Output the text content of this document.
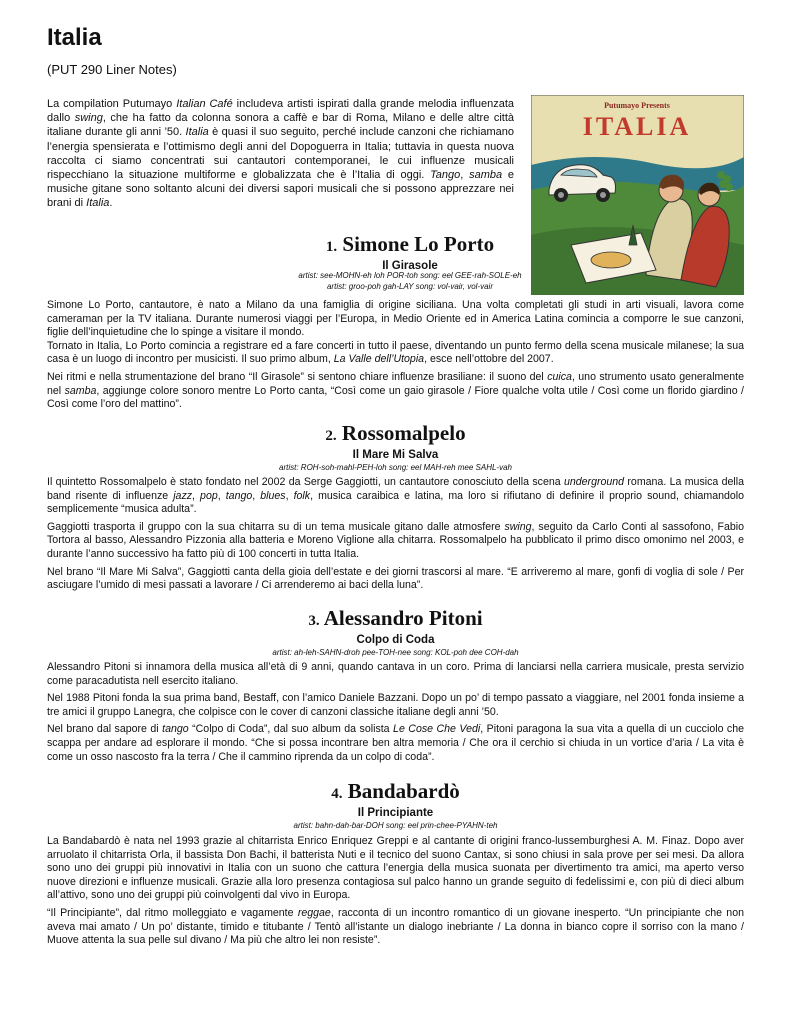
Italia
(PUT 290 Liner Notes)
La compilation Putumayo Italian Café includeva artisti ispirati dalla grande melodia influenzata dallo swing, che ha fatto da colonna sonora a caffè e bar di Roma, Milano e delle altre città italiane durante gli anni ’50. Italia è quasi il suo seguito, perché include canzoni che richiamano l’energia spensierata e l’ottimismo degli anni del Dopoguerra in Italia; tuttavia in questa nuova raccolta ci siamo concentrati sui cantautori contemporanei, le cui influenze musicali rispecchiano la situazione multiforme e globalizzata che è l’Italia di oggi. Tango, samba e musiche gitane sono soltanto alcuni dei diversi sapori musicali che si possono apprezzare nei brani di Italia.
Putumayo Presents
ITALIA
1. Simone Lo Porto
Il Girasole
artist: see-MOHN-eh loh POR-toh song: eel GEE-rah-SOLE-eh
artist: groo-poh gah-LAY song: vol-vair, vol-vair

Simone Lo Porto, cantautore, è nato a Milano da una famiglia di origine siciliana. Una volta completati gli studi in arti visuali, lavora come cameraman per la TV italiana. Durante numerosi viaggi per l’Europa, in Medio Oriente ed in America Latina comincia a comporre le sue canzoni, figlie dell’inquietudine che lo spinge a visitare il mondo.

Tornato in Italia, Lo Porto comincia a registrare ed a fare concerti in tutto il paese, diventando un punto fermo della scena musicale milanese; la sua casa è un luogo di incontro per musicisti. Il suo primo album, La Valle dell’Utopia, esce nell’ottobre del 2007.

Nei ritmi e nella strumentazione del brano “Il Girasole” si sentono chiare influenze brasiliane: il suono del cuica, uno strumento usato generalmente nel samba, aggiunge colore sonoro mentre Lo Porto canta, “Così come un gaio girasole / Fiore qualche volta utile / Così come un florido giardino / Così come l’oro del mattino”.

2. Rossomalpelo
Il Mare Mi Salva
artist: ROH-soh-mahl-PEH-loh song: eel MAH-reh mee SAHL-vah

Il quintetto Rossomalpelo è stato fondato nel 2002 da Serge Gaggiotti, un cantautore conosciuto della scena underground romana. La musica della band risente di influenze jazz, pop, tango, blues, folk, musica caraibica e latina, ma loro si rifiutano di definire il proprio sound, chiamandolo semplicemente “musica adulta”.

Gaggiotti trasporta il gruppo con la sua chitarra su di un tema musicale gitano dalle atmosfere swing, seguito da Carlo Conti al sassofono, Fabio Tortora al basso, Alessandro Pizzonia alla batteria e Moreno Viglione alla chitarra. Rossomalpelo ha pubblicato il primo disco omonimo nel 2003, e durante l’anno successivo ha fatto più di 100 concerti in tutta Italia.

Nel brano “Il Mare Mi Salva”, Gaggiotti canta della gioia dell’estate e dei giorni trascorsi al mare. “E arriveremo al mare, gonfi di voglia di sole / Per asciugare l’umido di mesi passati a lavorare / Ci arrenderemo ai baci della luna”.

3. Alessandro Pitoni
Colpo di Coda
artist: ah-leh-SAHN-droh pee-TOH-nee song: KOL-poh dee COH-dah

Alessandro Pitoni si innamora della musica all’età di 9 anni, quando cantava in un coro. Prima di lanciarsi nella carriera musicale, presta servizio come paracadutista nell esercito italiano.

Nel 1988 Pitoni fonda la sua prima band, Bestaff, con l’amico Daniele Bazzani. Dopo un po’ di tempo passato a viaggiare, nel 2001 fonda insieme a tre amici il gruppo Lanegra, che colpisce con le cover di canzoni classiche italiane degli anni ’50.

Nel brano dal sapore di tango “Colpo di Coda”, dal suo album da solista Le Cose Che Vedi, Pitoni paragona la sua vita a quella di un cucciolo che scappa per andare ad esplorare il mondo. “Che si possa incontrare ben altra memoria / Che ora il cerchio si chiuda in un vortice d’aria / La vita è come un osso nascosto fra la terra / Che il cammino riprenda da un colpo di coda”.

4. Bandabardò
Il Principiante
artist: bahn-dah-bar-DOH song: eel prin-chee-PYAHN-teh

La Bandabardò è nata nel 1993 grazie al chitarrista Enrico Enriquez Greppi e al cantante di origini franco-lussemburghesi A. M. Finaz. Dopo aver arruolato il chitarrista Orla, il bassista Don Bachi, il batterista Nuti e il tecnico del suono Cantax, si sono chiusi in sala prove per sei mesi. Da allora sono uno dei gruppi più innovativi in Italia con un suono che cattura l’energia della musica suonata per divertimento tra amici, ma aperto verso nuove direzioni e influenze musicali. Grazie alla loro presenza contagiosa sul palco hanno un grande seguito di fedelissimi e, con più di dieci album all’attivo, sono uno dei gruppi più coinvolgenti dal vivo in Europa.

“Il Principiante”, dal ritmo molleggiato e vagamente reggae, racconta di un incontro romantico di un giovane inesperto. “Un principiante che non aveva mai amato / Un po’ distante, timido e titubante / Tentò all’istante un dialogo inebriante / La donna in bianco copre il sorriso con la mano / Muove attenta la sua pelle sul divano / Ma più che altro lei non resiste”.
